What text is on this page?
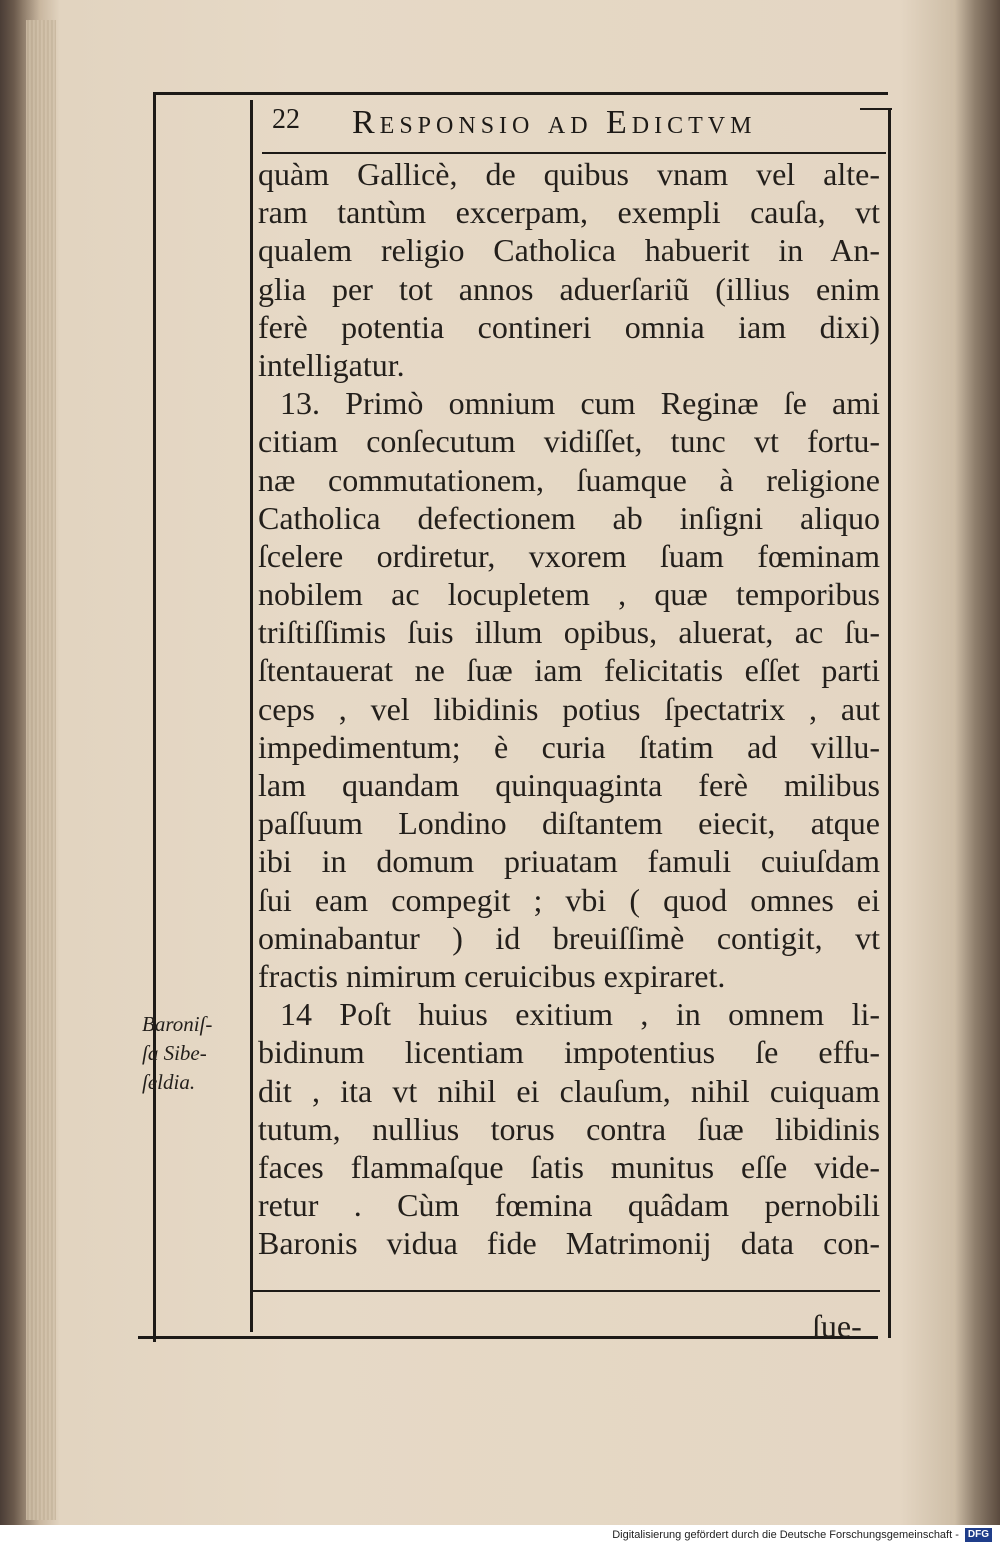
22 Responsio ad Edictvm
quàm Gallicè, de quibus vnam vel alte-
ram tantùm excerpam, exempli cauſa, vt
qualem religio Catholica habuerit in An-
glia per tot annos aduerſariũ (illius enim
ferè potentia contineri omnia iam dixi)
intelligatur.
13. Primò omnium cum Reginæ ſe ami
citiam conſecutum vidiſſet, tunc vt fortu-
næ commutationem, ſuamque à religione
Catholica defectionem ab inſigni aliquo
ſcelere ordiretur, vxorem ſuam fœminam
nobilem ac locupletem , quæ temporibus
triſtiſſimis ſuis illum opibus, aluerat, ac ſu-
ſtentauerat ne ſuæ iam felicitatis eſſet parti
ceps , vel libidinis potius ſpectatrix , aut
impedimentum; è curia ſtatim ad villu-
lam quandam quinquaginta ferè milibus
paſſuum Londino diſtantem eiecit, atque
ibi in domum priuatam famuli cuiuſdam
ſui eam compegit ; vbi ( quod omnes ei
ominabantur ) id breuiſſimè contigit, vt
fractis nimirum ceruicibus expiraret.
14 Poſt huius exitium , in omnem li-
bidinum licentiam impotentius ſe effu-
dit , ita vt nihil ei clauſum, nihil cuiquam
tutum, nullius torus contra ſuæ libidinis
faces flammaſque ſatis munitus eſſe vide-
retur . Cùm fœmina quâdam pernobili
Baronis vidua fide Matrimonij data con-
Baroniſ-
ſa Sibe-
ſeldia.
ſue-
Digitalisierung gefördert durch die Deutsche Forschungsgemeinschaft - DFG
